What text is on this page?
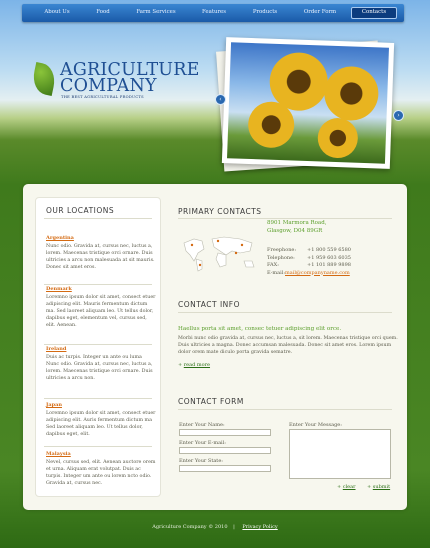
About Us	Food	Farm Services	Features	Products	Order Form	Contacts
AGRICULTURE
COMPANY
THE BEST AGRICULTURAL PRODUCTS	‹
›
OUR LOCATIONS
Argentina
Nunc odio. Gravida at, cursus nec, luctus a, lorem. Maecenas tristique orci ornare. Duis ultricies a arcu non malesuada at sit mauris. Donec sit amet eros.
Denmark
Loremno ipsum dolor sit amet, consect etuer adipiscing elit. Mauris fermentum dictum ma. Sed laoreet aliquam leo. Ut tellus dolor, dapibus eget, elementum vel, cursus sed, elit. Aenean.
Ireland
Duis ac turpis. Integer un ante ou luma Nunc odio. Gravida at, cursus nec, luctus a, lorem. Maecenas tristique orci ornare. Duis ultricies a arcu non.
Japan
Loremno ipsum dolor sit amet, consect etuer adipiscing elit. Auris fermentum dictum ma Sed laoreet aliquam leo. Ut tellus dolor, dapibus eget, elit.
Malaysia
Nevel, cursus sed, elit. Aenean auctore orem et urna. Aliquam erat volutpat. Duis ac turpis. Integer um ante ou lorem ncto odio. Gravida at, cursus nec.
PRIMARY CONTACTS
8901 Marmora Road,
Glasgow, D04 89GR
Freephone: +1 800 559 6580
Telephone: +1 959 603 6035
FAX:	+1 101 889 9898
E-mail: mail@companyname.com
CONTACT INFO
Haellus porta sit amet, consec tetuer adipiscing elit orce.
Morbi nunc odio gravida at, cursus nec, luctus a, sit lorem. Maecenas tristique orci quem. Duis ultricies a magna. Donec accumsan malesuada. Donec sit amet eros. Lorem ipsum dolor orem mate diculo porta gravida sematre.
+ read more
CONTACT FORM
Enter Your Name:
Enter Your E-mail:
Enter Your State:
Enter Your Message:
+ clear + submit
Agriculture Company © 2010 | Privacy Policy
